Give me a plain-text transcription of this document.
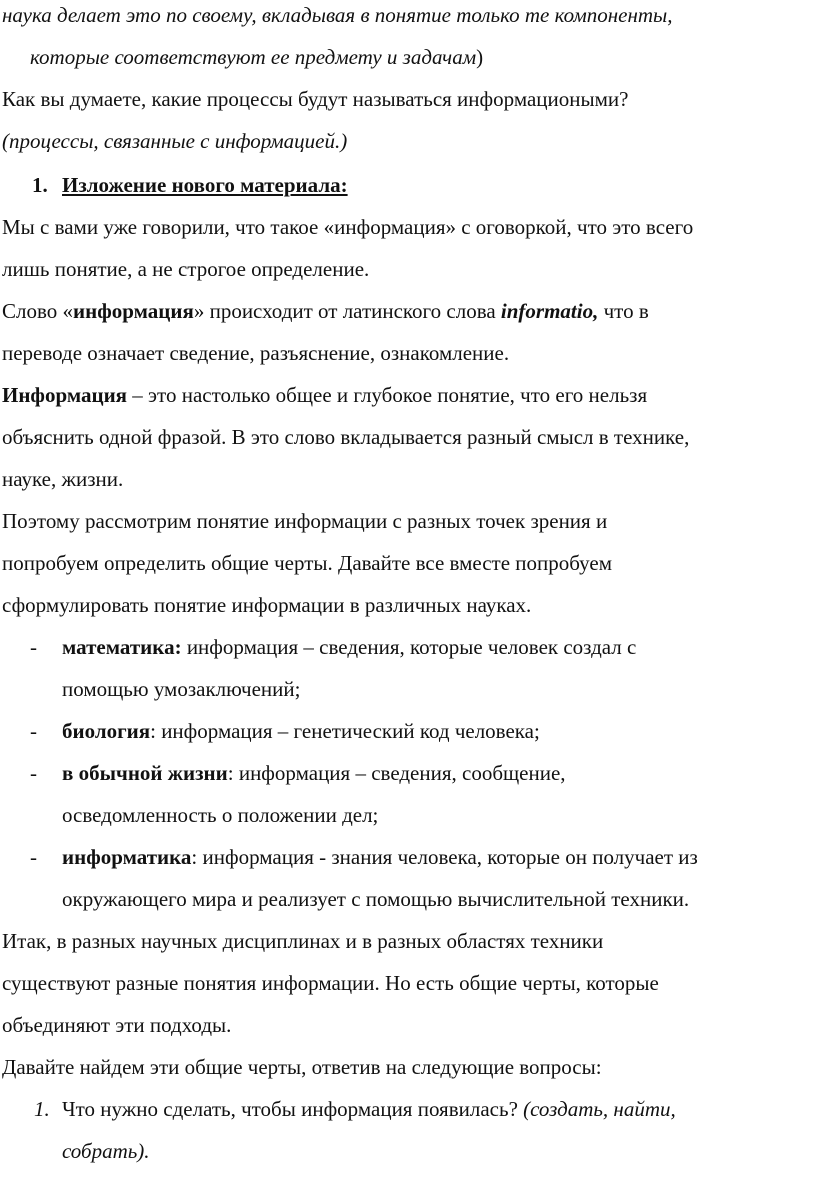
наука делает это по своему, вкладывая в понятие только те компоненты,
которые соответствуют ее предмету и задачам)
Как вы думаете, какие процессы будут называться информациоными?
(процессы, связанные с информацией.)
1. Изложение нового материала:
Мы с вами уже говорили, что такое «информация» с оговоркой, что это всего
лишь понятие, а не строгое определение.
Слово «информация» происходит от латинского слова informatio, что в
переводе означает сведение, разъяснение, ознакомление.
Информация – это настолько общее и глубокое понятие, что его нельзя
объяснить одной фразой. В это слово вкладывается разный смысл в технике,
науке, жизни.
Поэтому рассмотрим понятие информации с разных точек зрения и
попробуем определить общие черты. Давайте все вместе попробуем
сформулировать понятие информации в различных науках.
- математика: информация – сведения, которые человек создал с
помощью умозаключений;
- биология: информация – генетический код человека;
- в обычной жизни: информация – сведения, сообщение,
осведомленность о положении дел;
- информатика: информация - знания человека, которые он получает из
окружающего мира и реализует с помощью вычислительной техники.
Итак, в разных научных дисциплинах и в разных областях техники
существуют разные понятия информации. Но есть общие черты, которые
объединяют эти подходы.
Давайте найдем эти общие черты, ответив на следующие вопросы:
1. Что нужно сделать, чтобы информация появилась? (создать, найти,
собрать).
